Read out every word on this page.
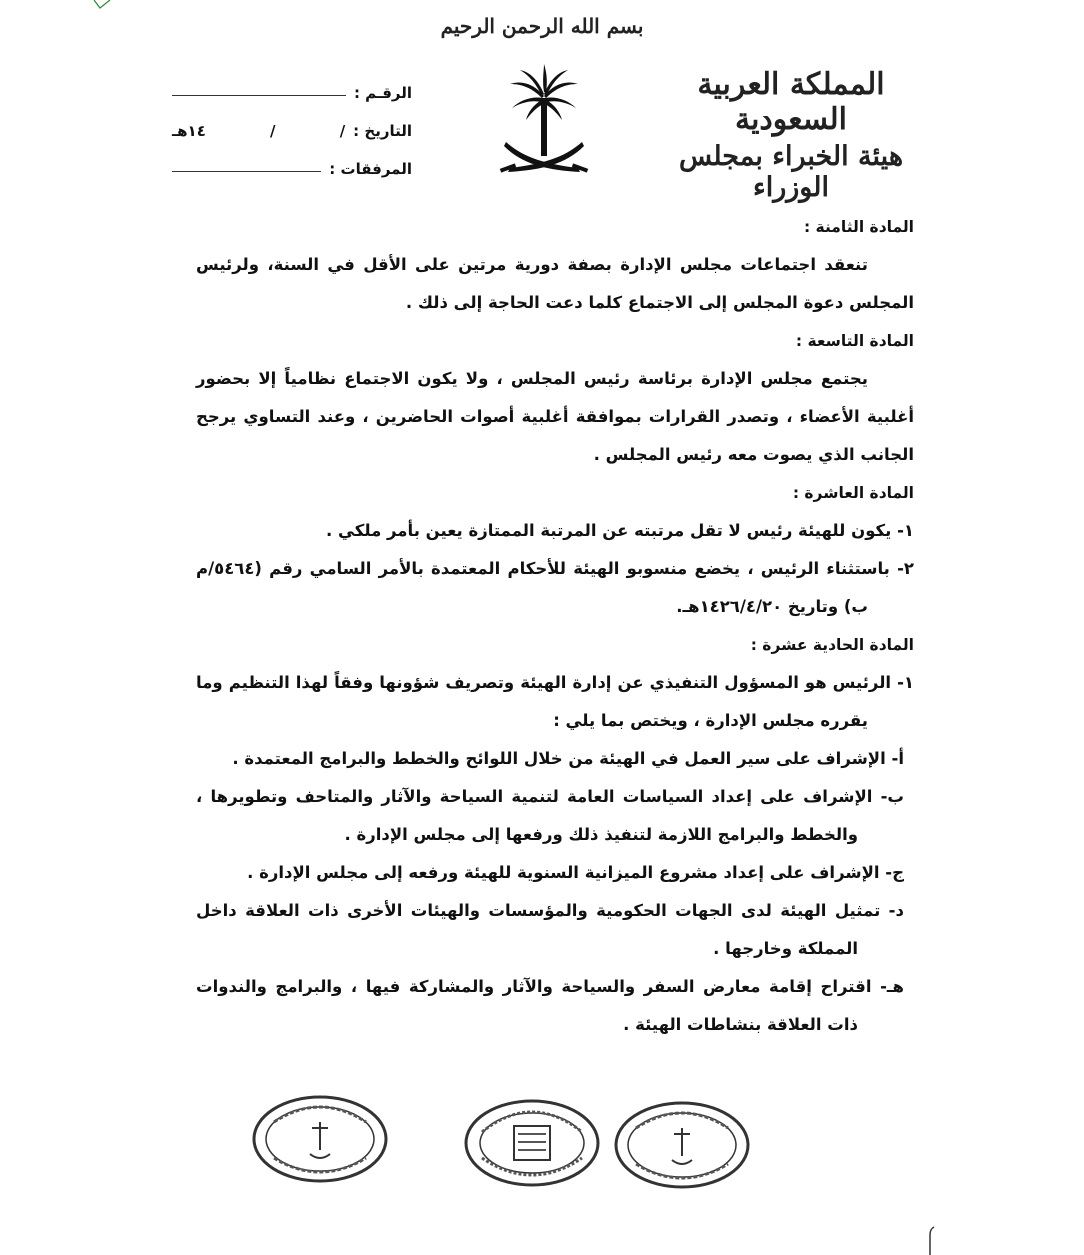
بسم الله الرحمن الرحيم

المملكة العربية السعودية

هيئة الخبراء بمجلس الوزراء

الرقـم :
التاريخ :
/
/
١٤هـ
المرفقات :

المادة الثامنة :

تنعقد اجتماعات مجلس الإدارة بصفة دورية مرتين على الأقل في السنة، ولرئيس المجلس دعوة المجلس إلى الاجتماع كلما دعت الحاجة إلى ذلك .

المادة التاسعة :

يجتمع مجلس الإدارة برئاسة رئيس المجلس ، ولا يكون الاجتماع نظامياً إلا بحضور أغلبية الأعضاء ، وتصدر القرارات بموافقة أغلبية أصوات الحاضرين ، وعند التساوي يرجح الجانب الذي يصوت معه رئيس المجلس .

المادة العاشرة :

١- يكون للهيئة رئيس لا تقل مرتبته عن المرتبة الممتازة يعين بأمر ملكي .

٢- باستثناء الرئيس ، يخضع منسوبو الهيئة للأحكام المعتمدة بالأمر السامي رقم (٥٤٦٤/م ب) وتاريخ ١٤٢٦/٤/٢٠هـ.

المادة الحادية عشرة :

١- الرئيس هو المسؤول التنفيذي عن إدارة الهيئة وتصريف شؤونها وفقاً لهذا التنظيم وما يقرره مجلس الإدارة ، ويختص بما يلي :

أ- الإشراف على سير العمل في الهيئة من خلال اللوائح والخطط والبرامج المعتمدة .

ب- الإشراف على إعداد السياسات العامة لتنمية السياحة والآثار والمتاحف وتطويرها ، والخطط والبرامج اللازمة لتنفيذ ذلك ورفعها إلى مجلس الإدارة .

ج- الإشراف على إعداد مشروع الميزانية السنوية للهيئة ورفعه إلى مجلس الإدارة .

د- تمثيل الهيئة لدى الجهات الحكومية والمؤسسات والهيئات الأخرى ذات العلاقة داخل المملكة وخارجها .

هـ- اقتراح إقامة معارض السفر والسياحة والآثار والمشاركة فيها ، والبرامج والندوات ذات العلاقة بنشاطات الهيئة .
